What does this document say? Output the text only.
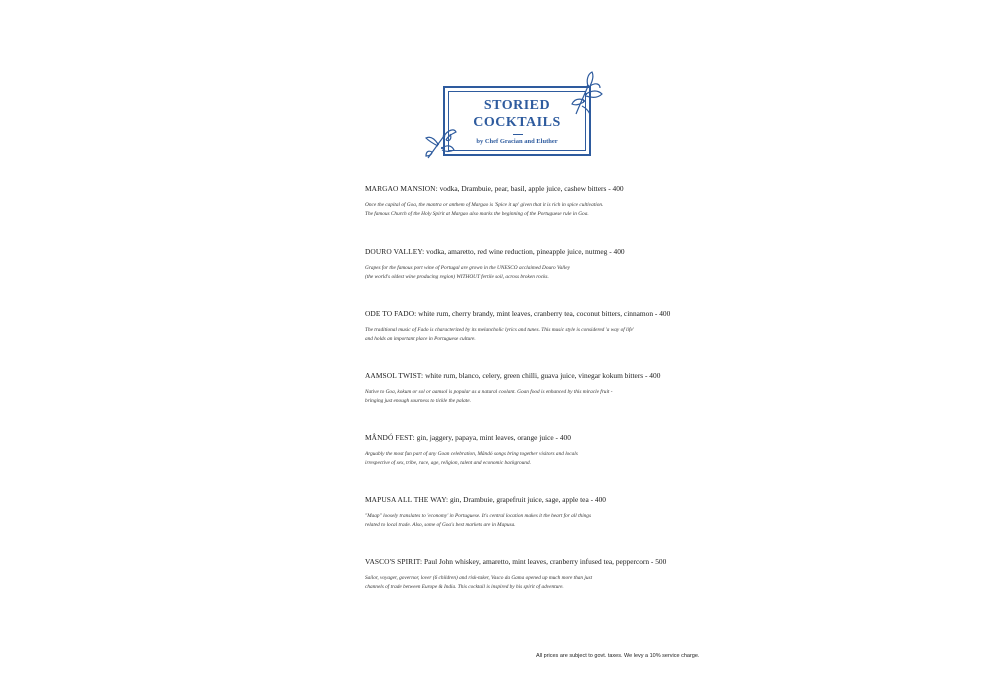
STORIED
COCKTAILS
by Chef Gracian and Eluther
MARGAO MANSION: vodka, Drambuie, pear, basil, apple juice, cashew bitters - 400
Once the capital of Goa, the mantra or anthem of Margao is 'Spice it up' given that it is rich in spice cultivation.
The famous Church of the Holy Spirit at Margao also marks the beginning of the Portuguese rule in Goa.
DOURO VALLEY: vodka, amaretto, red wine reduction, pineapple juice, nutmeg - 400
Grapes for the famous port wine of Portugal are grown in the UNESCO acclaimed Douro Valley
(the world's oldest wine producing region) WITHOUT fertile soil, across broken rocks.
ODE TO FADO: white rum, cherry brandy, mint leaves, cranberry tea, coconut bitters, cinnamon - 400
The traditional music of Fado is characterized by its melancholic lyrics and tunes. This music style is considered 'a way of life'
and holds an important place in Portuguese culture.
AAMSOL TWIST: white rum, blanco, celery, green chilli, guava juice, vinegar kokum bitters - 400
Native to Goa, kokum or sol or aamsol is popular as a natural coolant. Goan food is enhanced by this miracle fruit -
bringing just enough sourness to tickle the palate.
MÂNDÓ FEST: gin, jaggery, papaya, mint leaves, orange juice - 400
Arguably the most fun part of any Goan celebration, Mândó songs bring together visitors and locals
irrespective of sex, tribe, race, age, religion, talent and economic background.
MAPUSA ALL THE WAY: gin, Drambuie, grapefruit juice, sage, apple tea - 400
"Maap" loosely translates to 'economy' in Portuguese. It's central location makes it the heart for all things
related to local trade. Also, some of Goa's best markets are in Mapusa.
VASCO'S SPIRIT: Paul John whiskey, amaretto, mint leaves, cranberry infused tea, peppercorn - 500
Sailor, voyager, governor, lover (6 children) and risk-taker, Vasco da Gama opened up much more than just
channels of trade between Europe & India. This cocktail is inspired by his spirit of adventure.
All prices are subject to govt. taxes. We levy a 10% service charge.
